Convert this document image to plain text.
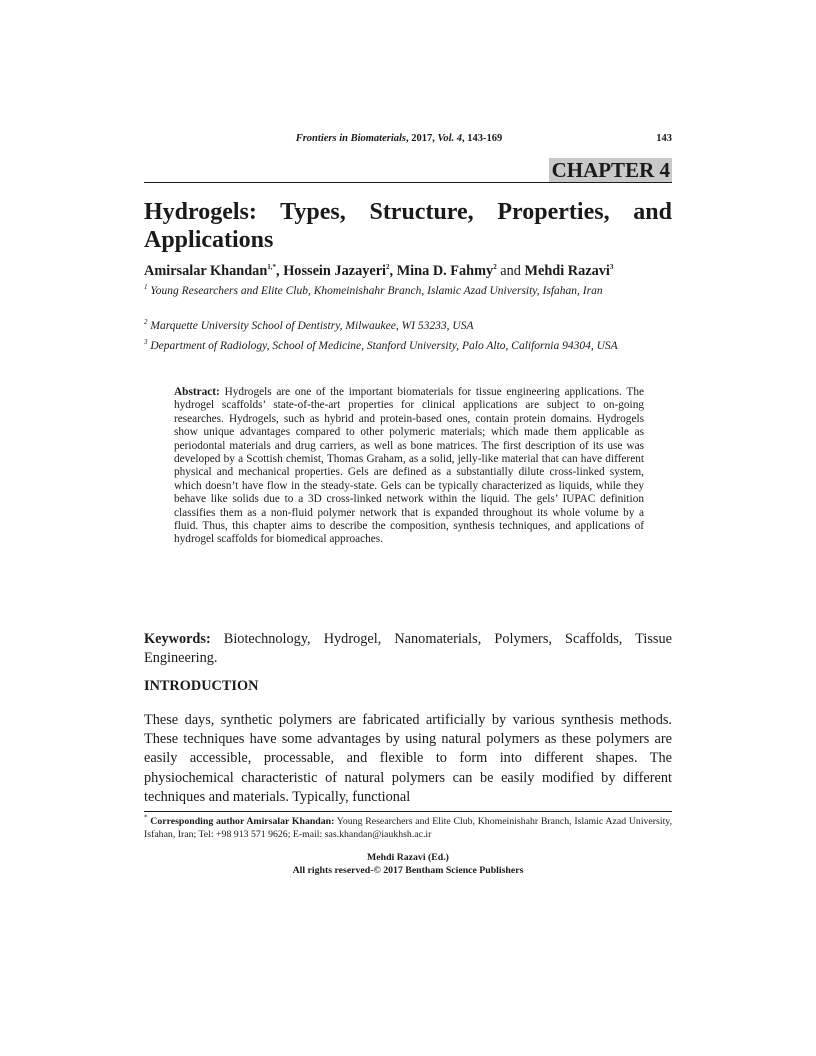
Frontiers in Biomaterials, 2017, Vol. 4, 143-169	143
CHAPTER 4
Hydrogels: Types, Structure, Properties, and
Applications
Amirsalar Khandan$^{1,*}$, Hossein Jazayeri$^2$, Mina D. Fahmy$^2$ and Mehdi Razavi$^3$
$^1$ Young Researchers and Elite Club, Khomeinishahr Branch, Islamic Azad University, Isfahan, Iran
$^2$ Marquette University School of Dentistry, Milwaukee, WI 53233, USA
$^3$ Department of Radiology, School of Medicine, Stanford University, Palo Alto, California 94304, USA
Abstract: Hydrogels are one of the important biomaterials for tissue engineering applications. The hydrogel scaffolds’ state-of-the-art properties for clinical applications are subject to on-going researches. Hydrogels, such as hybrid and protein-based ones, contain protein domains. Hydrogels show unique advantages compared to other polymeric materials; which made them applicable as periodontal materials and drug carriers, as well as bone matrices. The first description of its use was developed by a Scottish chemist, Thomas Graham, as a solid, jelly-like material that can have different physical and mechanical properties. Gels are defined as a substantially dilute cross-linked system, which doesn’t have flow in the steady-state. Gels can be typically characterized as liquids, while they behave like solids due to a 3D cross-linked network within the liquid. The gels’ IUPAC definition classifies them as a non-fluid polymer network that is expanded throughout its whole volume by a fluid. Thus, this chapter aims to describe the composition, synthesis techniques, and applications of hydrogel scaffolds for biomedical approaches.
Keywords: Biotechnology, Hydrogel, Nanomaterials, Polymers, Scaffolds, Tissue Engineering.
INTRODUCTION
These days, synthetic polymers are fabricated artificially by various synthesis methods. These techniques have some advantages by using natural polymers as these polymers are easily accessible, processable, and flexible to form into different shapes. The physiochemical characteristic of natural polymers can be easily modified by different techniques and materials. Typically, functional
* Corresponding author Amirsalar Khandan: Young Researchers and Elite Club, Khomeinishahr Branch, Islamic Azad University, Isfahan, Iran; Tel: +98 913 571 9626; E-mail: sas.khandan@iaukhsh.ac.ir
Mehdi Razavi (Ed.)
All rights reserved-© 2017 Bentham Science Publishers
